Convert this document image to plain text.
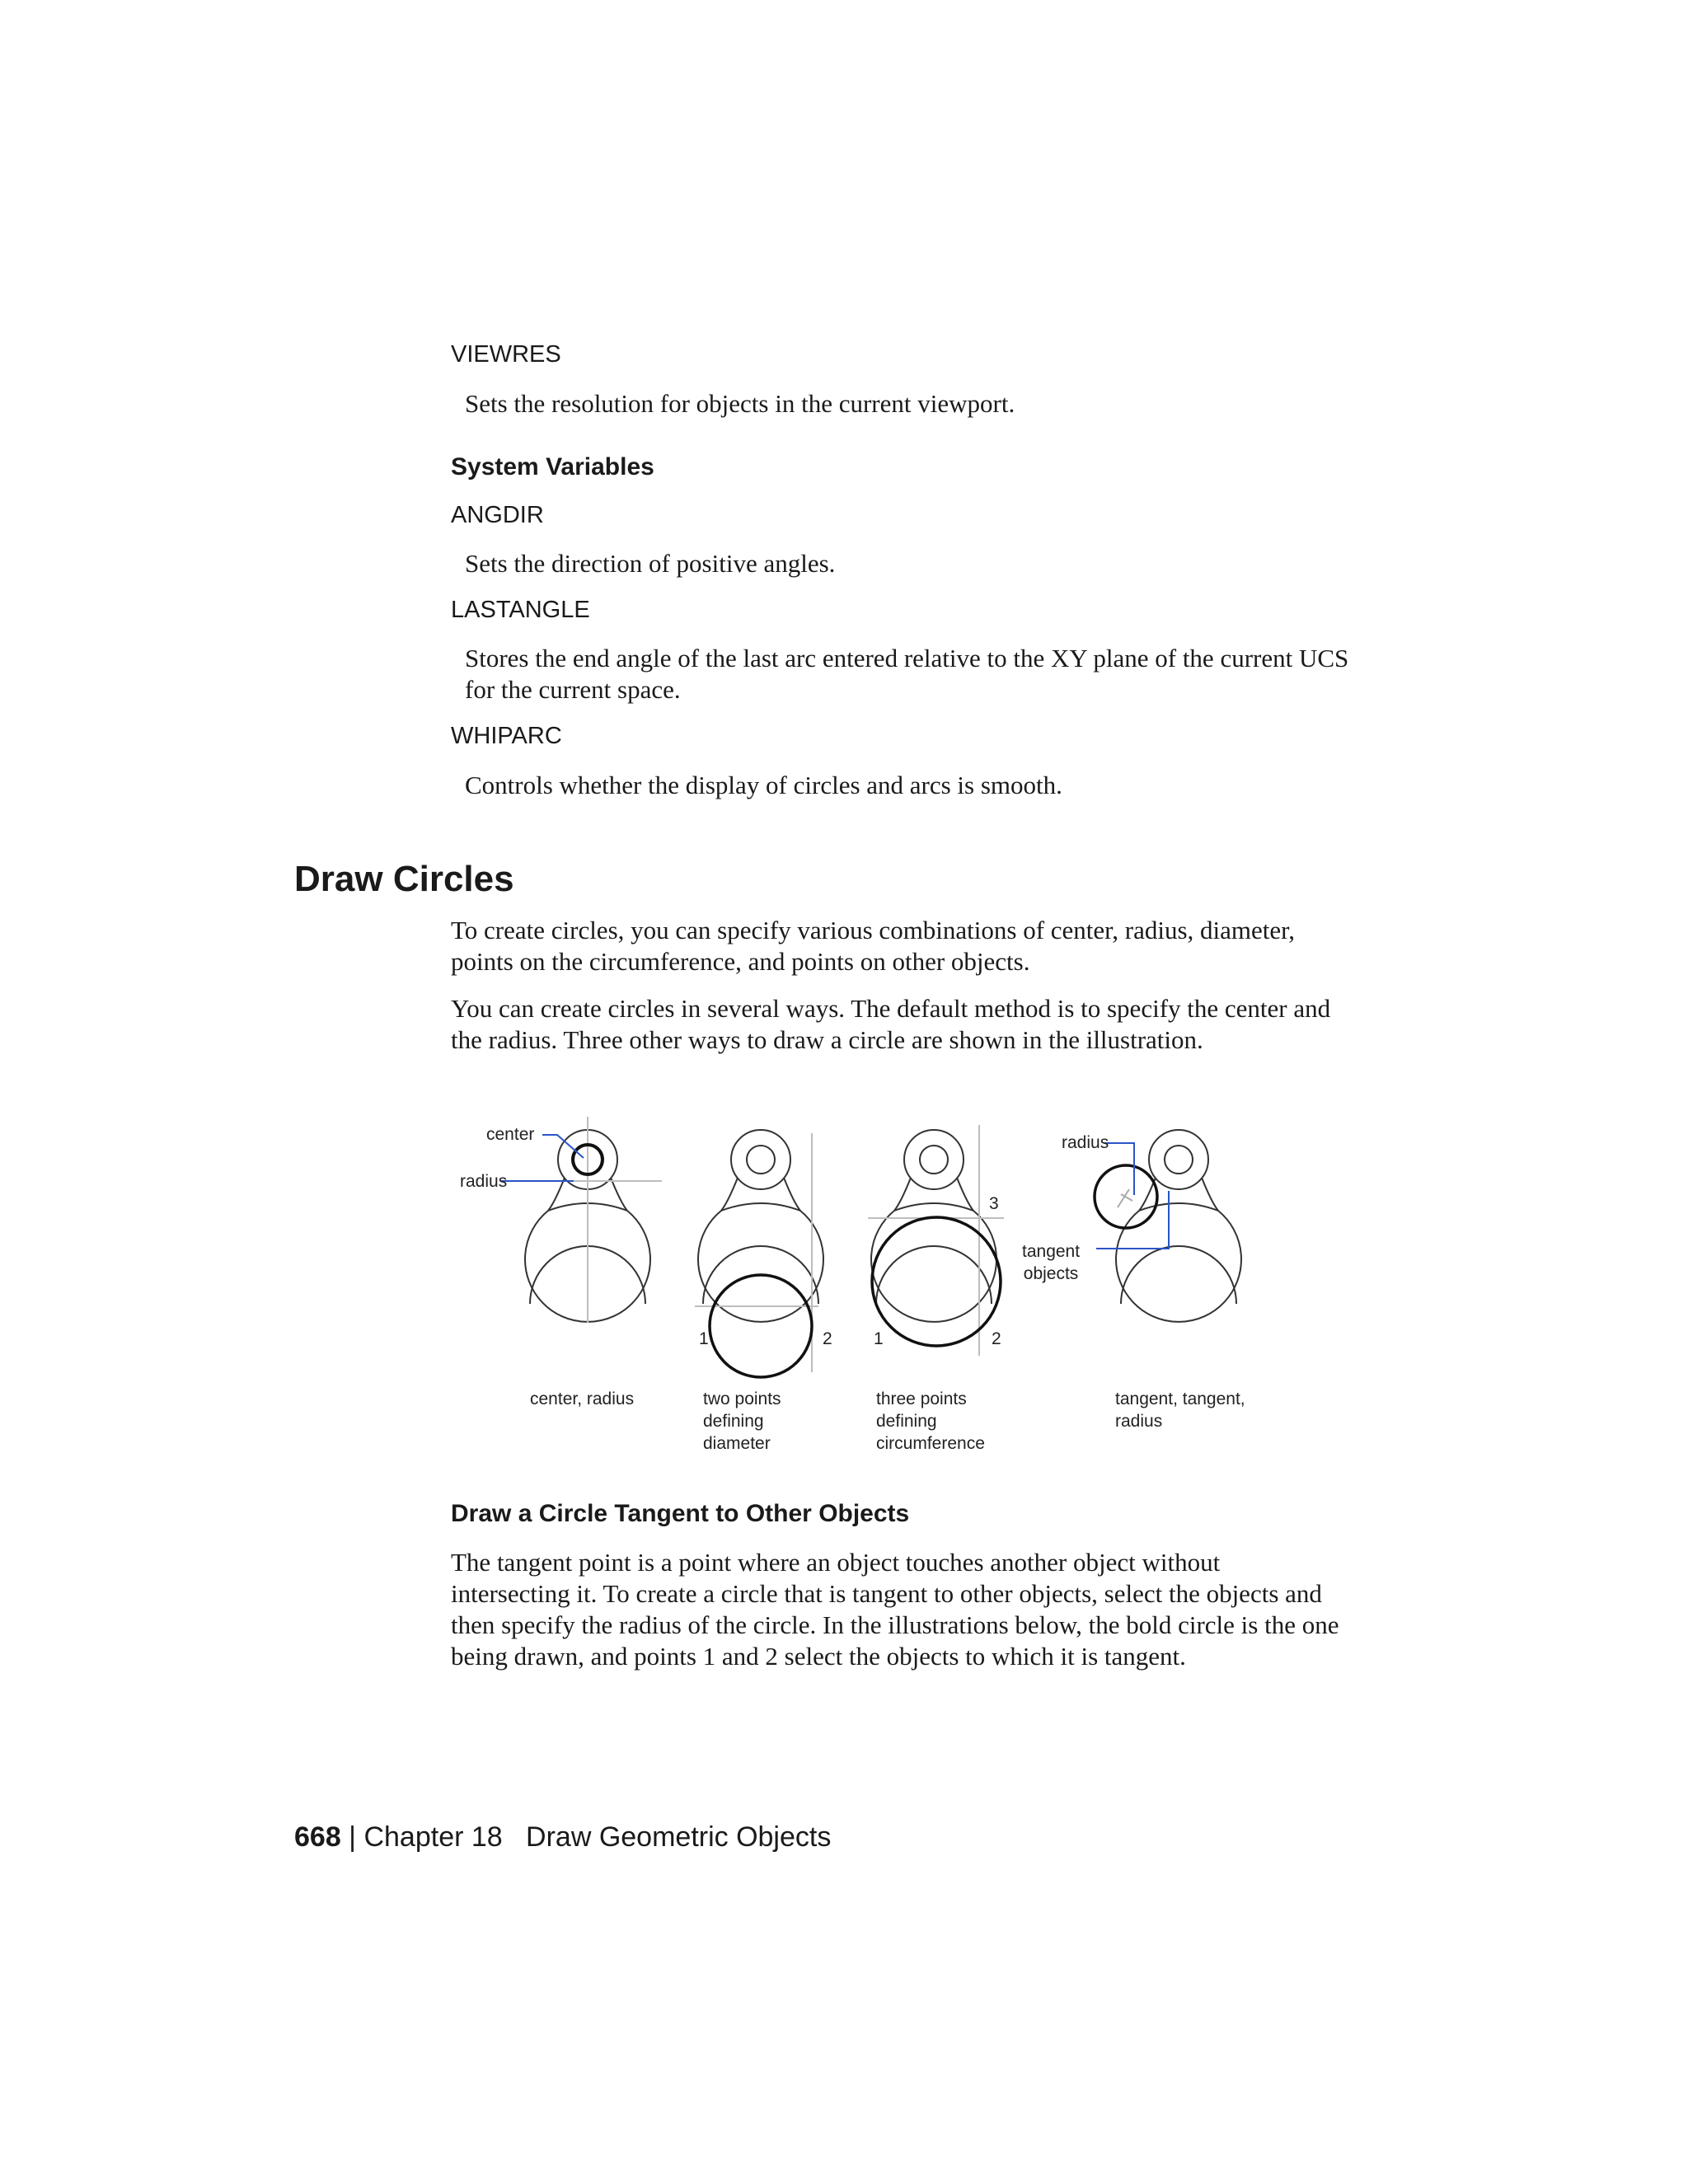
VIEWRES
Sets the resolution for objects in the current viewport.
System Variables
ANGDIR
Sets the direction of positive angles.
LASTANGLE
Stores the end angle of the last arc entered relative to the XY plane of the current UCS for the current space.
WHIPARC
Controls whether the display of circles and arcs is smooth.
Draw Circles
To create circles, you can specify various combinations of center, radius, diameter, points on the circumference, and points on other objects.
You can create circles in several ways. The default method is to specify the center and the radius. Three other ways to draw a circle are shown in the illustration.
center
radius
1	2
3
1	2
radius
tangent
objects
center, radius	two points
defining
diameter
three points
defining
circumference
tangent, tangent,
radius
Draw a Circle Tangent to Other Objects
The tangent point is a point where an object touches another object without intersecting it. To create a circle that is tangent to other objects, select the objects and then specify the radius of the circle. In the illustrations below, the bold circle is the one being drawn, and points 1 and 2 select the objects to which it is tangent.
668 | Chapter 18   Draw Geometric Objects
